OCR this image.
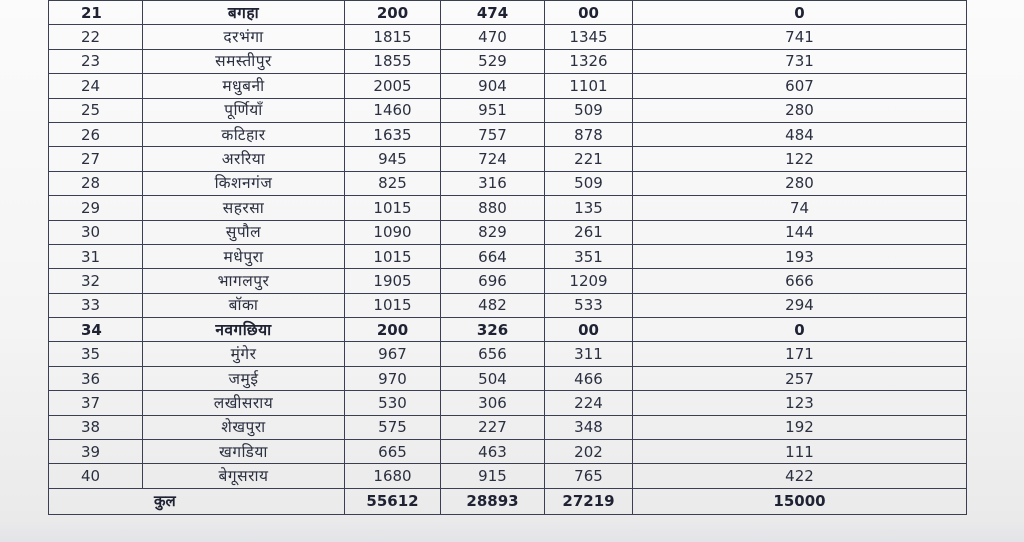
21	बगहा	200	474	00	0
22	दरभंगा	1815	470	1345	741
23	समस्तीपुर	1855	529	1326	731
24	मधुबनी	2005	904	1101	607
25	पूर्णियाँ	1460	951	509	280
26	कटिहार	1635	757	878	484
27	अररिया	945	724	221	122
28	किशनगंज	825	316	509	280
29	सहरसा	1015	880	135	74
30	सुपौल	1090	829	261	144
31	मधेपुरा	1015	664	351	193
32	भागलपुर	1905	696	1209	666
33	बॉका	1015	482	533	294
34	नवगछिया	200	326	00	0
35	मुंगेर	967	656	311	171
36	जमुई	970	504	466	257
37	लखीसराय	530	306	224	123
38	शेखपुरा	575	227	348	192
39	खगडिया	665	463	202	111
40	बेगूसराय	1680	915	765	422
कुल		55612	28893	27219	15000
